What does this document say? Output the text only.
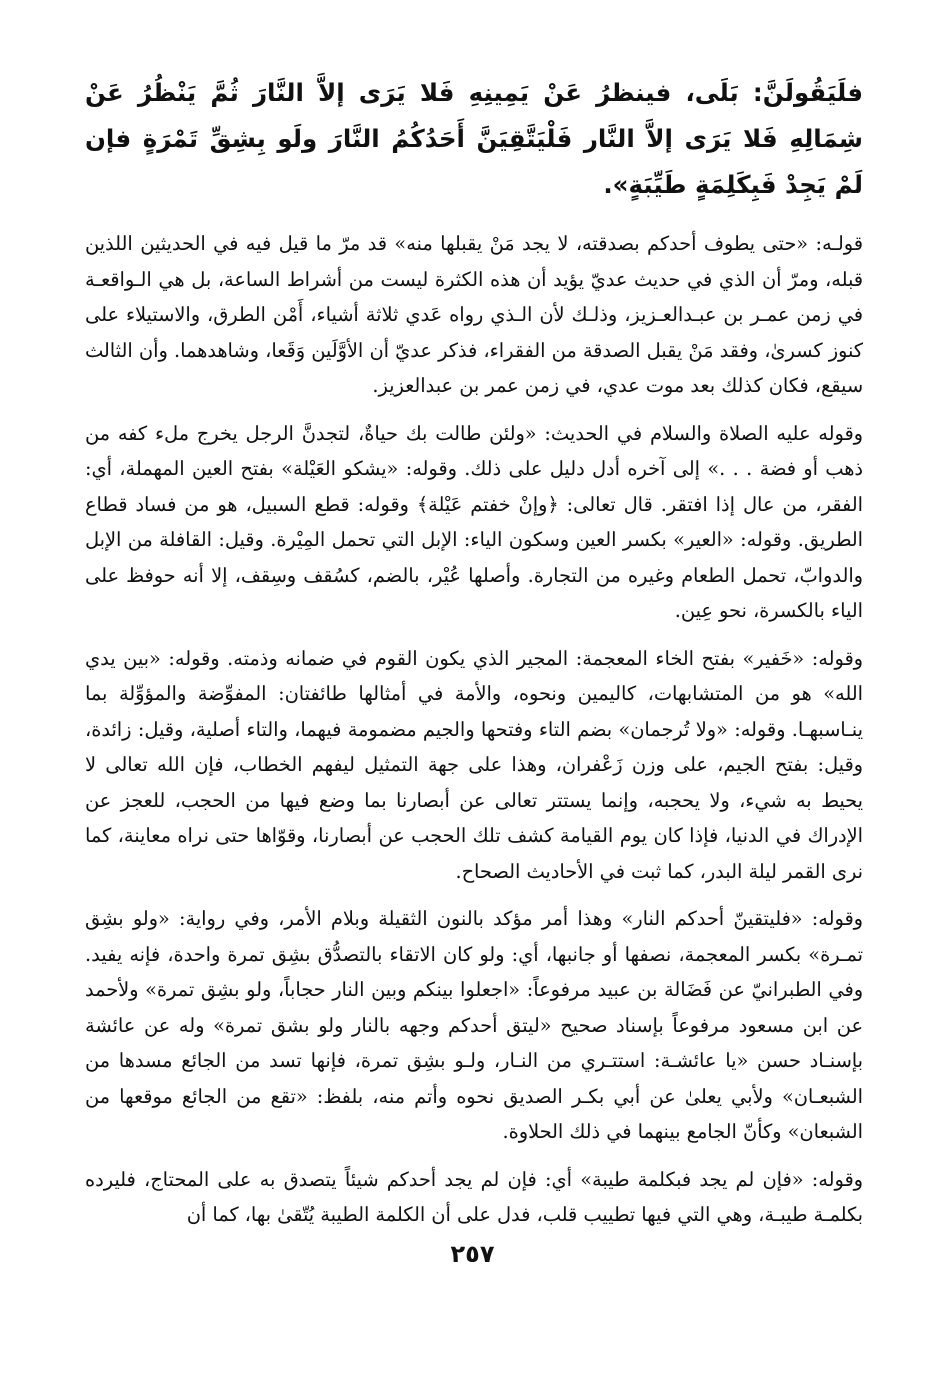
فلَيَقُولَنَّ: بَلَى، فينظرُ عَنْ يَمِينِهِ فَلا يَرَى إلاَّ النَّارَ ثُمَّ يَنْظُرُ عَنْ شِمَالِهِ فَلا يَرَى إلاَّ النَّار فَلْيَتَّقِيَنَّ أَحَدُكُمُ النَّارَ ولَو بِشِقِّ تَمْرَةٍ فإن لَمْ يَجِدْ فَبِكَلِمَةٍ طَيِّبَةٍ».

قولـه: «حتى يطوف أحدكم بصدقته، لا يجد مَنْ يقبلها منه» قد مرّ ما قيل فيه في الحديثين اللذين قبله، ومرّ أن الذي في حديث عديّ يؤيد أن هذه الكثرة ليست من أشراط الساعة، بل هي الـواقعـة في زمن عمـر بن عبـدالعـزيز، وذلـك لأن الـذي رواه عَدي ثلاثة أشياء، أَمْن الطرق، والاستيلاء على كنوز كسرىٰ، وفقد مَنْ يقبل الصدقة من الفقراء، فذكر عديّ أن الأوَّلَين وَقَعا، وشاهدهما. وأن الثالث سيقع، فكان كذلك بعد موت عدي، في زمن عمر بن عبدالعزيز.

وقوله عليه الصلاة والسلام في الحديث: «ولئن طالت بك حياةٌ، لتجدنَّ الرجل يخرج ملء كفه من ذهب أو فضة . . .» إلى آخره أدل دليل على ذلك. وقوله: «يشكو العَيْلة» بفتح العين المهملة، أي: الفقر، من عال إذا افتقر. قال تعالى: ﴿وإنْ خفتم عَيْلة﴾ وقوله: قطع السبيل، هو من فساد قطاع الطريق. وقوله: «العير» بكسر العين وسكون الياء: الإبل التي تحمل المِيْرة. وقيل: القافلة من الإبل والدوابّ، تحمل الطعام وغيره من التجارة. وأصلها عُيْر، بالضم، كسُقف وسِقف، إلا أنه حوفظ على الياء بالكسرة، نحو عِين.

وقوله: «خَفير» بفتح الخاء المعجمة: المجير الذي يكون القوم في ضمانه وذمته. وقوله: «بين يدي الله» هو من المتشابهات، كاليمين ونحوه، والأمة في أمثالها طائفتان: المفوِّضة والمؤوِّلة بما ينـاسبهـا. وقوله: «ولا تُرجمان» بضم التاء وفتحها والجيم مضمومة فيهما، والتاء أصلية، وقيل: زائدة، وقيل: بفتح الجيم، على وزن زَعْفران، وهذا على جهة التمثيل ليفهم الخطاب، فإن الله تعالى لا يحيط به شيء، ولا يحجبه، وإنما يستتر تعالى عن أبصارنا بما وضع فيها من الحجب، للعجز عن الإدراك في الدنيا، فإذا كان يوم القيامة كشف تلك الحجب عن أبصارنا، وقوّاها حتى نراه معاينة، كما نرى القمر ليلة البدر، كما ثبت في الأحاديث الصحاح.

وقوله: «فليتقينّ أحدكم النار» وهذا أمر مؤكد بالنون الثقيلة وبلام الأمر، وفي رواية: «ولو بشِق تمـرة» بكسر المعجمة، نصفها أو جانبها، أي: ولو كان الاتقاء بالتصدُّق بشِق تمرة واحدة، فإنه يفيد. وفي الطبرانيّ عن فَضَالة بن عبيد مرفوعاً: «اجعلوا بينكم وبين النار حجاباً، ولو بشِق تمرة» ولأحمد عن ابن مسعود مرفوعاً بإسناد صحيح «ليتق أحدكم وجهه بالنار ولو بشق تمرة» وله عن عائشة بإسنـاد حسن «يا عائشـة: استتـري من النـار، ولـو بشِق تمرة، فإنها تسد من الجائع مسدها من الشبعـان» ولأبي يعلىٰ عن أبي بكـر الصديق نحوه وأتم منه، بلفظ: «تقع من الجائع موقعها من الشبعان» وكأنّ الجامع بينهما في ذلك الحلاوة.

وقوله: «فإن لم يجد فبكلمة طيبة» أي: فإن لم يجد أحدكم شيئاً يتصدق به على المحتاج، فليرده بكلمـة طيبـة، وهي التي فيها تطييب قلب، فدل على أن الكلمة الطيبة يُتّقىٰ بها، كما أن

٢٥٧
